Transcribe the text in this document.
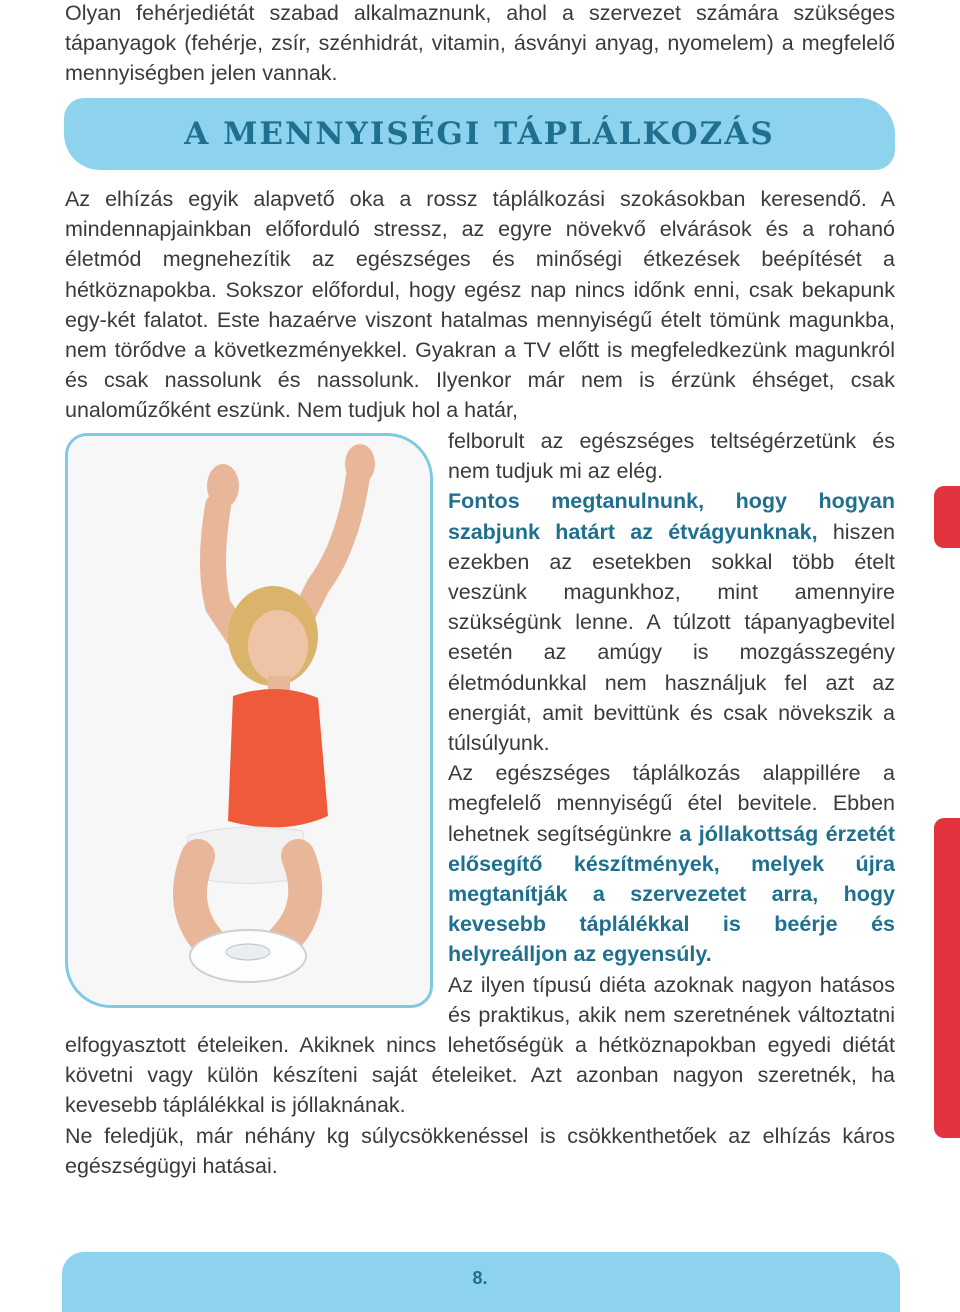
Olyan fehérjediétát szabad alkalmaznunk, ahol a szervezet számára szükséges tápanyagok (fehérje, zsír, szénhidrát, vitamin, ásványi anyag, nyomelem) a megfelelő mennyiségben jelen vannak.

A MENNYISÉGI TÁPLÁLKOZÁS

Az elhízás egyik alapvető oka a rossz táplálkozási szokásokban keresendő. A mindennapjainkban előforduló stressz, az egyre növekvő elvárások és a rohanó életmód megnehezítik az egészséges és minőségi étkezések beépítését a hétköznapokba. Sokszor előfordul, hogy egész nap nincs időnk enni, csak bekapunk egy-két falatot. Este hazaérve viszont hatalmas mennyiségű ételt tömünk magunkba, nem törődve a következményekkel. Gyakran a TV előtt is megfeledkezünk magunkról és csak nassolunk és nassolunk. Ilyenkor már nem is érzünk éhséget, csak unaloműzőként eszünk. Nem tudjuk hol a határ,

felborult az egészséges teltségérzetünk és nem tudjuk mi az elég.
Fontos megtanulnunk, hogy hogyan szabjunk határt az étvágyunknak, hiszen ezekben az esetekben sokkal több ételt veszünk magunkhoz, mint amennyire szükségünk lenne. A túlzott tápanyagbevitel esetén az amúgy is mozgásszegény életmódunkkal nem használjuk fel azt az energiát, amit bevittünk és csak növekszik a túlsúlyunk.
Az egészséges táplálkozás alappillére a megfelelő mennyiségű étel bevitele. Ebben lehetnek segítségünkre a jóllakottság érzetét elősegítő készítmények, melyek újra megtanítják a szervezetet arra, hogy kevesebb táplálékkal is beérje és helyreálljon az egyensúly.
Az ilyen típusú diéta azoknak nagyon hatásos és praktikus, akik nem szeretnének változtatni elfogyasztott ételeiken. Akiknek nincs lehetőségük a hétköznapokban egyedi diétát követni vagy külön készíteni saját ételeiket. Azt azonban nagyon szeretnék, ha kevesebb táplálékkal is jóllaknának.
Ne feledjük, már néhány kg súlycsökkenéssel is csökkenthetőek az elhízás káros egészségügyi hatásai.
8.
